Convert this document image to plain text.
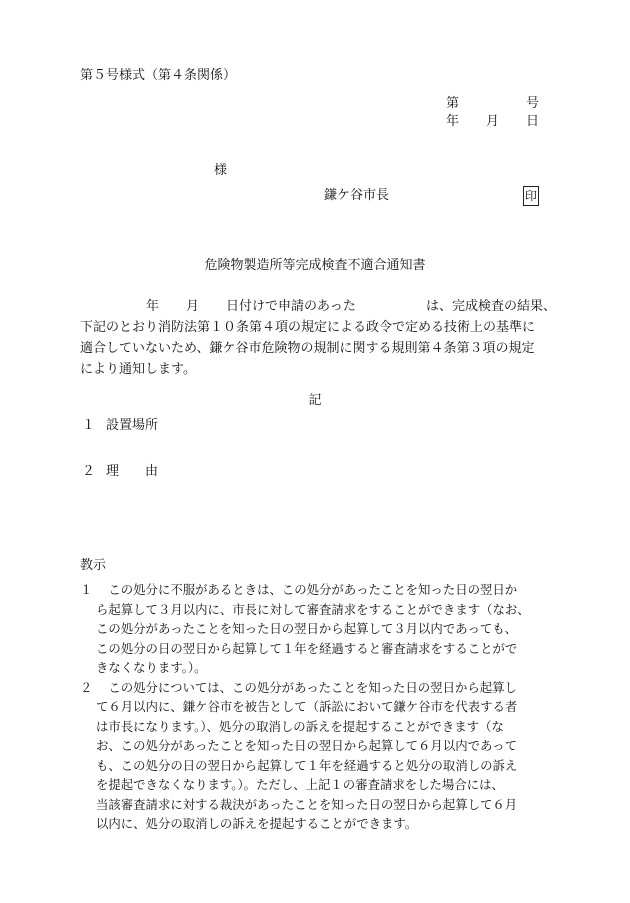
第５号様式（第４条関係）
第	号
年 月 日
様
鎌ケ谷市長	印
危険物製造所等完成検査不適合通知書
年 月 日付けで申請のあった	は、完成検査の結果、
下記のとおり消防法第１０条第４項の規定による政令で定める技術上の基準に
適合していないため、鎌ケ谷市危険物の規制に関する規則第４条第３項の規定
により通知します。
記
１ 設置場所
２ 理　　由
教示
１　この処分に不服があるときは、この処分があったことを知った日の翌日か
ら起算して３月以内に、市長に対して審査請求をすることができます（なお、
この処分があったことを知った日の翌日から起算して３月以内であっても、
この処分の日の翌日から起算して１年を経過すると審査請求をすることがで
きなくなります。）。
２　この処分については、この処分があったことを知った日の翌日から起算し
て６月以内に、鎌ケ谷市を被告として（訴訟において鎌ケ谷市を代表する者
は市長になります。）、処分の取消しの訴えを提起することができます（な
お、この処分があったことを知った日の翌日から起算して６月以内であって
も、この処分の日の翌日から起算して１年を経過すると処分の取消しの訴え
を提起できなくなります。）。ただし、上記１の審査請求をした場合には、
当該審査請求に対する裁決があったことを知った日の翌日から起算して６月
以内に、処分の取消しの訴えを提起することができます。
